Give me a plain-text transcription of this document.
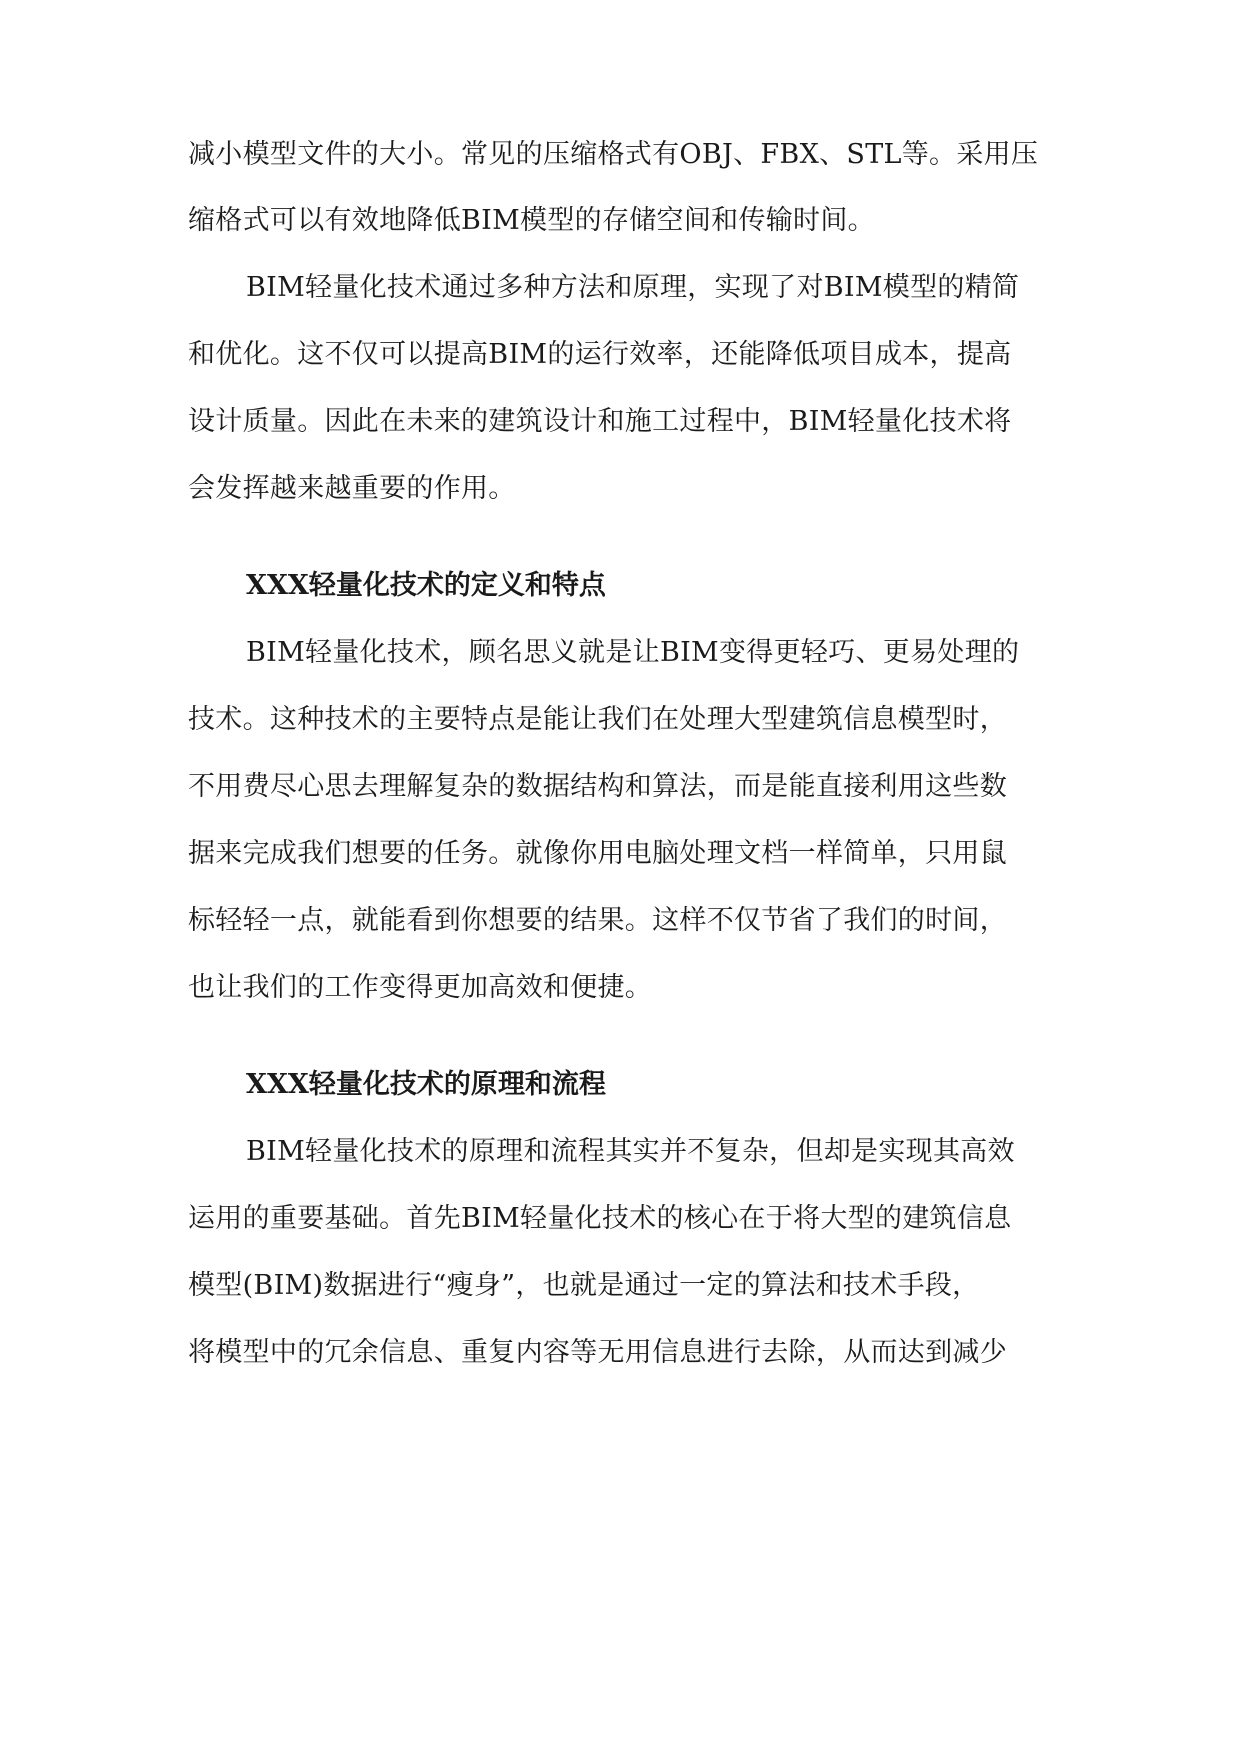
减小模型文件的大小。常见的压缩格式有OBJ、FBX、STL等。采用压
缩格式可以有效地降低BIM模型的存储空间和传输时间。
BIM轻量化技术通过多种方法和原理，实现了对BIM模型的精简
和优化。这不仅可以提高BIM的运行效率，还能降低项目成本，提高
设计质量。因此在未来的建筑设计和施工过程中，BIM轻量化技术将
会发挥越来越重要的作用。
XXX轻量化技术的定义和特点
BIM轻量化技术，顾名思义就是让BIM变得更轻巧、更易处理的
技术。这种技术的主要特点是能让我们在处理大型建筑信息模型时，
不用费尽心思去理解复杂的数据结构和算法，而是能直接利用这些数
据来完成我们想要的任务。就像你用电脑处理文档一样简单，只用鼠
标轻轻一点，就能看到你想要的结果。这样不仅节省了我们的时间，
也让我们的工作变得更加高效和便捷。
XXX轻量化技术的原理和流程
BIM轻量化技术的原理和流程其实并不复杂，但却是实现其高效
运用的重要基础。首先BIM轻量化技术的核心在于将大型的建筑信息
模型(BIM)数据进行“瘦身”，也就是通过一定的算法和技术手段，
将模型中的冗余信息、重复内容等无用信息进行去除，从而达到减少
